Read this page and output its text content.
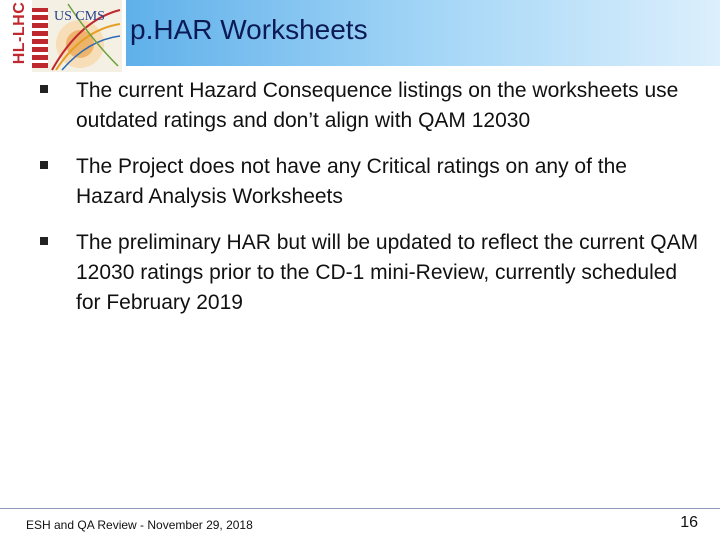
HL-LHC US CMS p.HAR Worksheets
The current Hazard Consequence listings on the worksheets use outdated ratings and don’t align with QAM 12030
The Project does not have any Critical ratings on any of the Hazard Analysis Worksheets
The preliminary HAR but will be updated to reflect the current QAM 12030 ratings prior to the CD-1 mini-Review, currently scheduled for February 2019
ESH and QA Review - November 29, 2018	16
